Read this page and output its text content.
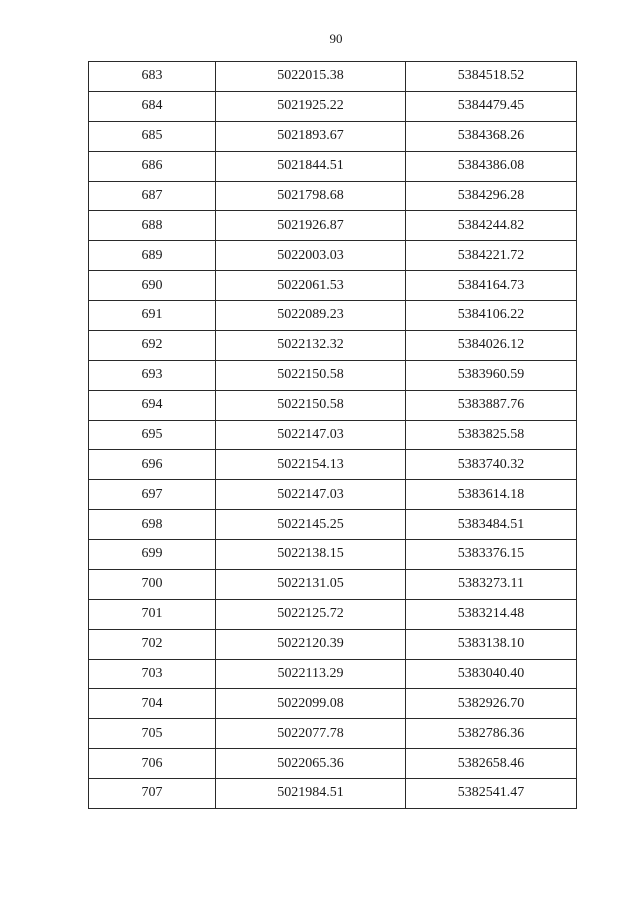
90
683	5022015.38	5384518.52
684	5021925.22	5384479.45
685	5021893.67	5384368.26
686	5021844.51	5384386.08
687	5021798.68	5384296.28
688	5021926.87	5384244.82
689	5022003.03	5384221.72
690	5022061.53	5384164.73
691	5022089.23	5384106.22
692	5022132.32	5384026.12
693	5022150.58	5383960.59
694	5022150.58	5383887.76
695	5022147.03	5383825.58
696	5022154.13	5383740.32
697	5022147.03	5383614.18
698	5022145.25	5383484.51
699	5022138.15	5383376.15
700	5022131.05	5383273.11
701	5022125.72	5383214.48
702	5022120.39	5383138.10
703	5022113.29	5383040.40
704	5022099.08	5382926.70
705	5022077.78	5382786.36
706	5022065.36	5382658.46
707	5021984.51	5382541.47
